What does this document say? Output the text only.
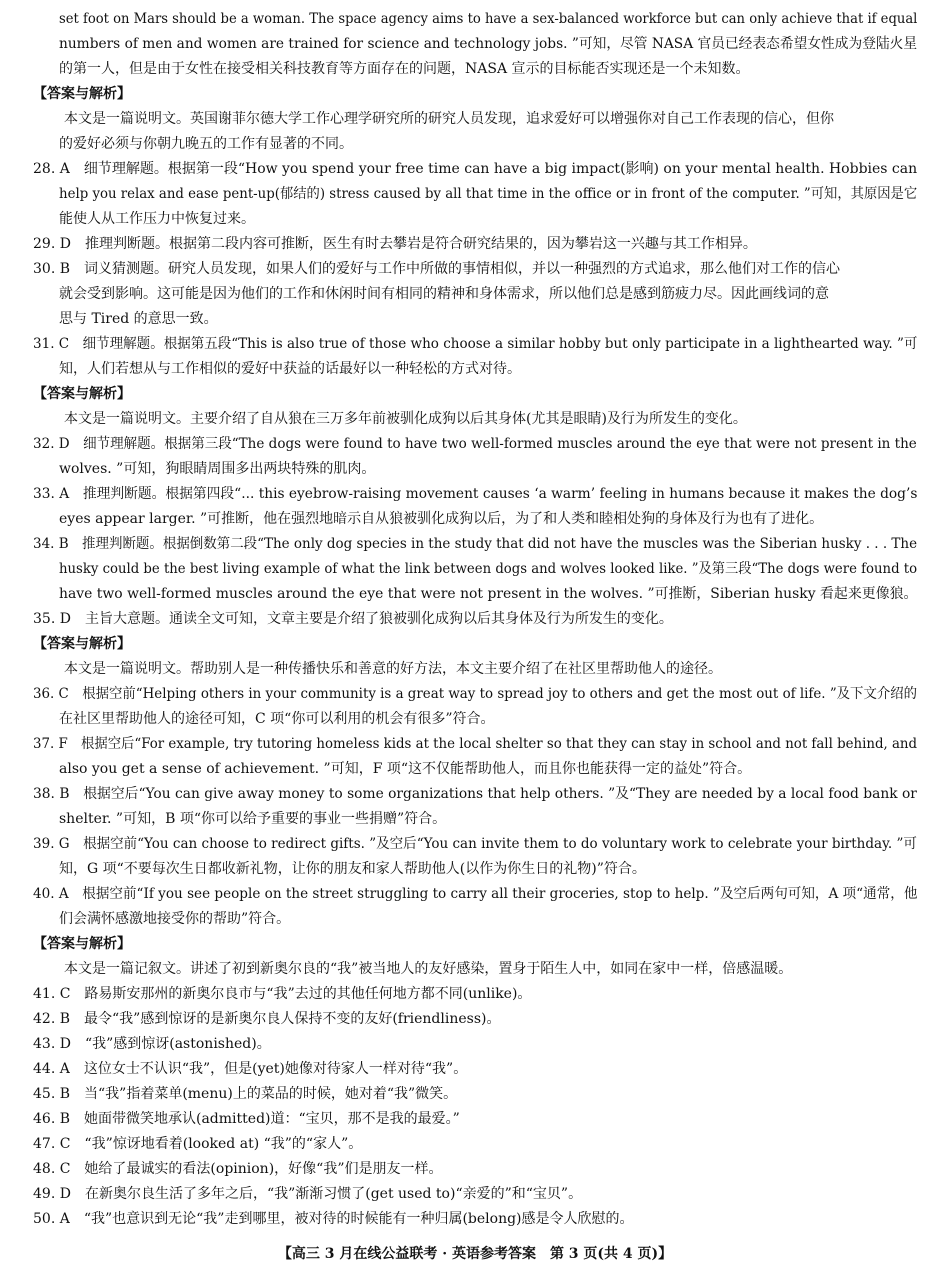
set foot on Mars should be a woman. The space agency aims to have a sex-balanced workforce but can only achieve that if equal
numbers of men and women are trained for science and technology jobs. ”可知，尽管 NASA 官员已经表态希望女性成为登陆火星
的第一人，但是由于女性在接受相关科技教育等方面存在的问题，NASA 宣示的目标能否实现还是一个未知数。
【答案与解析】
本文是一篇说明文。英国谢菲尔德大学工作心理学研究所的研究人员发现，追求爱好可以增强你对自己工作表现的信心，但你
的爱好必须与你朝九晚五的工作有显著的不同。
28. A　细节理解题。根据第一段“How you spend your free time can have a big impact(影响) on your mental health. Hobbies can
help you relax and ease pent-up(郁结的) stress caused by all that time in the office or in front of the computer. ”可知，其原因是它
能使人从工作压力中恢复过来。
29. D　推理判断题。根据第二段内容可推断，医生有时去攀岩是符合研究结果的，因为攀岩这一兴趣与其工作相异。
30. B　词义猜测题。研究人员发现，如果人们的爱好与工作中所做的事情相似，并以一种强烈的方式追求，那么他们对工作的信心
就会受到影响。这可能是因为他们的工作和休闲时间有相同的精神和身体需求，所以他们总是感到筋疲力尽。因此画线词的意
思与 Tired 的意思一致。
31. C　细节理解题。根据第五段“This is also true of those who choose a similar hobby but only participate in a lighthearted way. ”可
知，人们若想从与工作相似的爱好中获益的话最好以一种轻松的方式对待。
【答案与解析】
本文是一篇说明文。主要介绍了自从狼在三万多年前被驯化成狗以后其身体(尤其是眼睛)及行为所发生的变化。
32. D　细节理解题。根据第三段“The dogs were found to have two well-formed muscles around the eye that were not present in the
wolves. ”可知，狗眼睛周围多出两块特殊的肌肉。
33. A　推理判断题。根据第四段“... this eyebrow-raising movement causes ‘a warm’ feeling in humans because it makes the dog’s
eyes appear larger. ”可推断，他在强烈地暗示自从狼被驯化成狗以后，为了和人类和睦相处狗的身体及行为也有了进化。
34. B　推理判断题。根据倒数第二段“The only dog species in the study that did not have the muscles was the Siberian husky . . . The
husky could be the best living example of what the link between dogs and wolves looked like. ”及第三段“The dogs were found to
have two well-formed muscles around the eye that were not present in the wolves. ”可推断，Siberian husky 看起来更像狼。
35. D　主旨大意题。通读全文可知，文章主要是介绍了狼被驯化成狗以后其身体及行为所发生的变化。
【答案与解析】
本文是一篇说明文。帮助别人是一种传播快乐和善意的好方法，本文主要介绍了在社区里帮助他人的途径。
36. C　根据空前“Helping others in your community is a great way to spread joy to others and get the most out of life. ”及下文介绍的
在社区里帮助他人的途径可知，C 项“你可以利用的机会有很多”符合。
37. F　根据空后“For example, try tutoring homeless kids at the local shelter so that they can stay in school and not fall behind, and
also you get a sense of achievement. ”可知，F 项“这不仅能帮助他人，而且你也能获得一定的益处”符合。
38. B　根据空后“You can give away money to some organizations that help others. ”及“They are needed by a local food bank or
shelter. ”可知，B 项“你可以给予重要的事业一些捐赠”符合。
39. G　根据空前“You can choose to redirect gifts. ”及空后“You can invite them to do voluntary work to celebrate your birthday. ”可
知，G 项“不要每次生日都收新礼物，让你的朋友和家人帮助他人(以作为你生日的礼物)”符合。
40. A　根据空前“If you see people on the street struggling to carry all their groceries, stop to help. ”及空后两句可知，A 项“通常，他
们会满怀感激地接受你的帮助”符合。
【答案与解析】
本文是一篇记叙文。讲述了初到新奥尔良的“我”被当地人的友好感染，置身于陌生人中，如同在家中一样，倍感温暖。
41. C　路易斯安那州的新奥尔良市与“我”去过的其他任何地方都不同(unlike)。
42. B　最令“我”感到惊讶的是新奥尔良人保持不变的友好(friendliness)。
43. D　“我”感到惊讶(astonished)。
44. A　这位女士不认识“我”，但是(yet)她像对待家人一样对待“我”。
45. B　当“我”指着菜单(menu)上的菜品的时候，她对着“我”微笑。
46. B　她面带微笑地承认(admitted)道：“宝贝，那不是我的最爱。”
47. C　“我”惊讶地看着(looked at) “我”的“家人”。
48. C　她给了最诚实的看法(opinion)，好像“我”们是朋友一样。
49. D　在新奥尔良生活了多年之后，“我”渐渐习惯了(get used to)“亲爱的”和“宝贝”。
50. A　“我”也意识到无论“我”走到哪里，被对待的时候能有一种归属(belong)感是令人欣慰的。
【高三 3 月在线公益联考 · 英语参考答案　第 3 页(共 4 页)】
